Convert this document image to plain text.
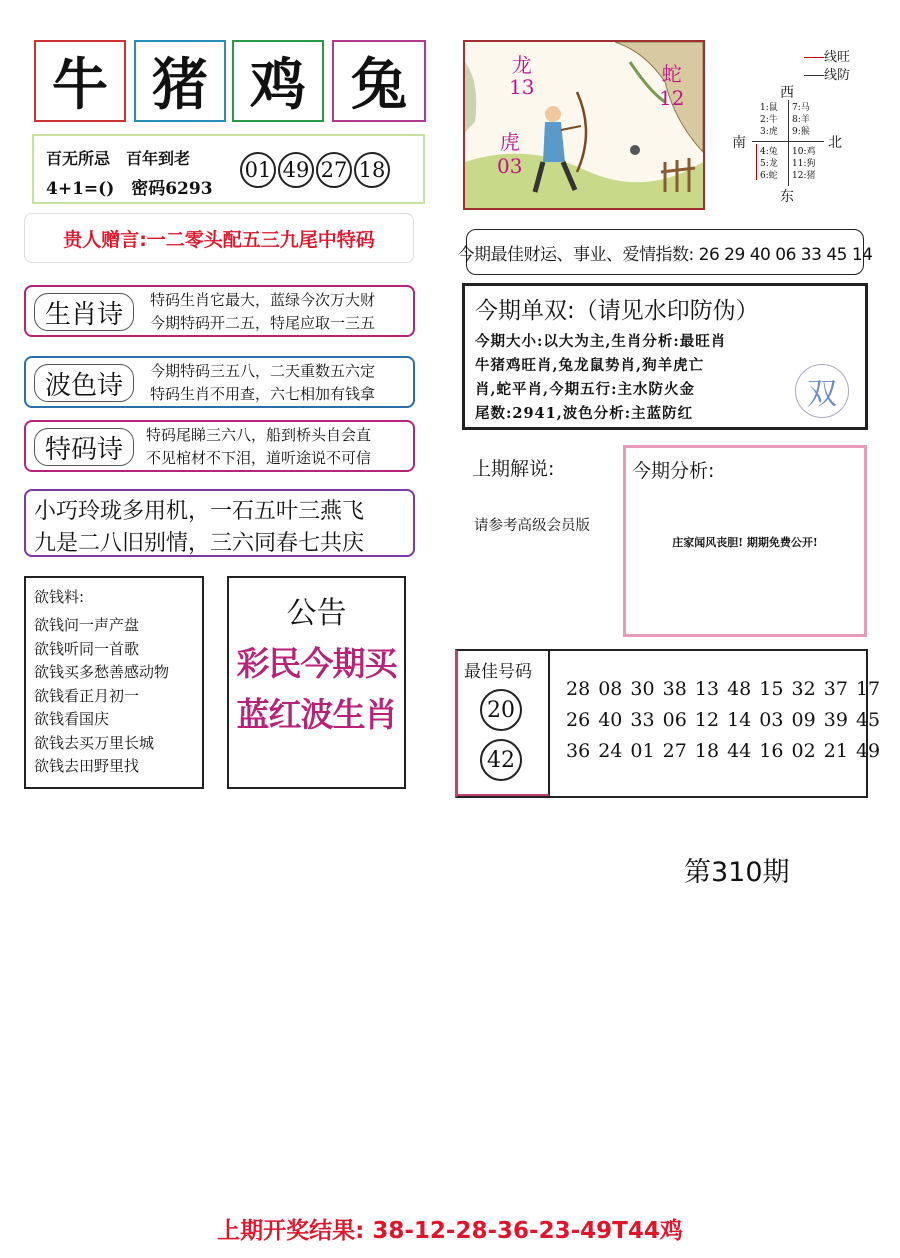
牛 猪 鸡 兔
百无所忌　百年到老
4+1=()　密码6293
01 49 27 18
贵人赠言:一二零头配五三九尾中特码
生肖诗	特码生肖它最大，蓝绿今次万大财
今期特码开二五，特尾应取一三五
波色诗	今期特码三五八，二天重数五六定
特码生肖不用查，六七相加有钱拿
特码诗	特码尾睇三六八，船到桥头自会直
不见棺材不下泪，道听途说不可信
小巧玲珑多用机，一石五叶三燕飞
九是二八旧别情，三六同春七共庆
欲钱料:
欲钱问一声产盘
欲钱听同一首歌
欲钱买多愁善感动物
欲钱看正月初一
欲钱看国庆
欲钱去买万里长城
欲钱去田野里找
公告
彩民今期买
蓝红波生肖
龙
13
蛇
12
虎
03
线旺
线防
西
南	北
东
1:鼠
2:牛
3:虎
7:马
8:羊
9:猴
4:兔
5:龙
6:蛇
10:鸡
11:狗
12:猪
今期最佳财运、事业、爱情指数: 26 29 40 06 33 45 14
今期单双:（请见水印防伪）
今期大小:以大为主,生肖分析:最旺肖
牛猪鸡旺肖,兔龙鼠势肖,狗羊虎亡
肖,蛇平肖,今期五行:主水防火金
尾数:2941,波色分析:主蓝防红
双
上期解说:
请参考高级会员版
今期分析:
庄家闻风丧胆! 期期免费公开!
最佳号码
20
42
28 08 30 38 13 48 15 32 37 17
26 40 33 06 12 14 03 09 39 45
36 24 01 27 18 44 16 02 21 49
第310期
上期开奖结果: 38-12-28-36-23-49T44鸡
